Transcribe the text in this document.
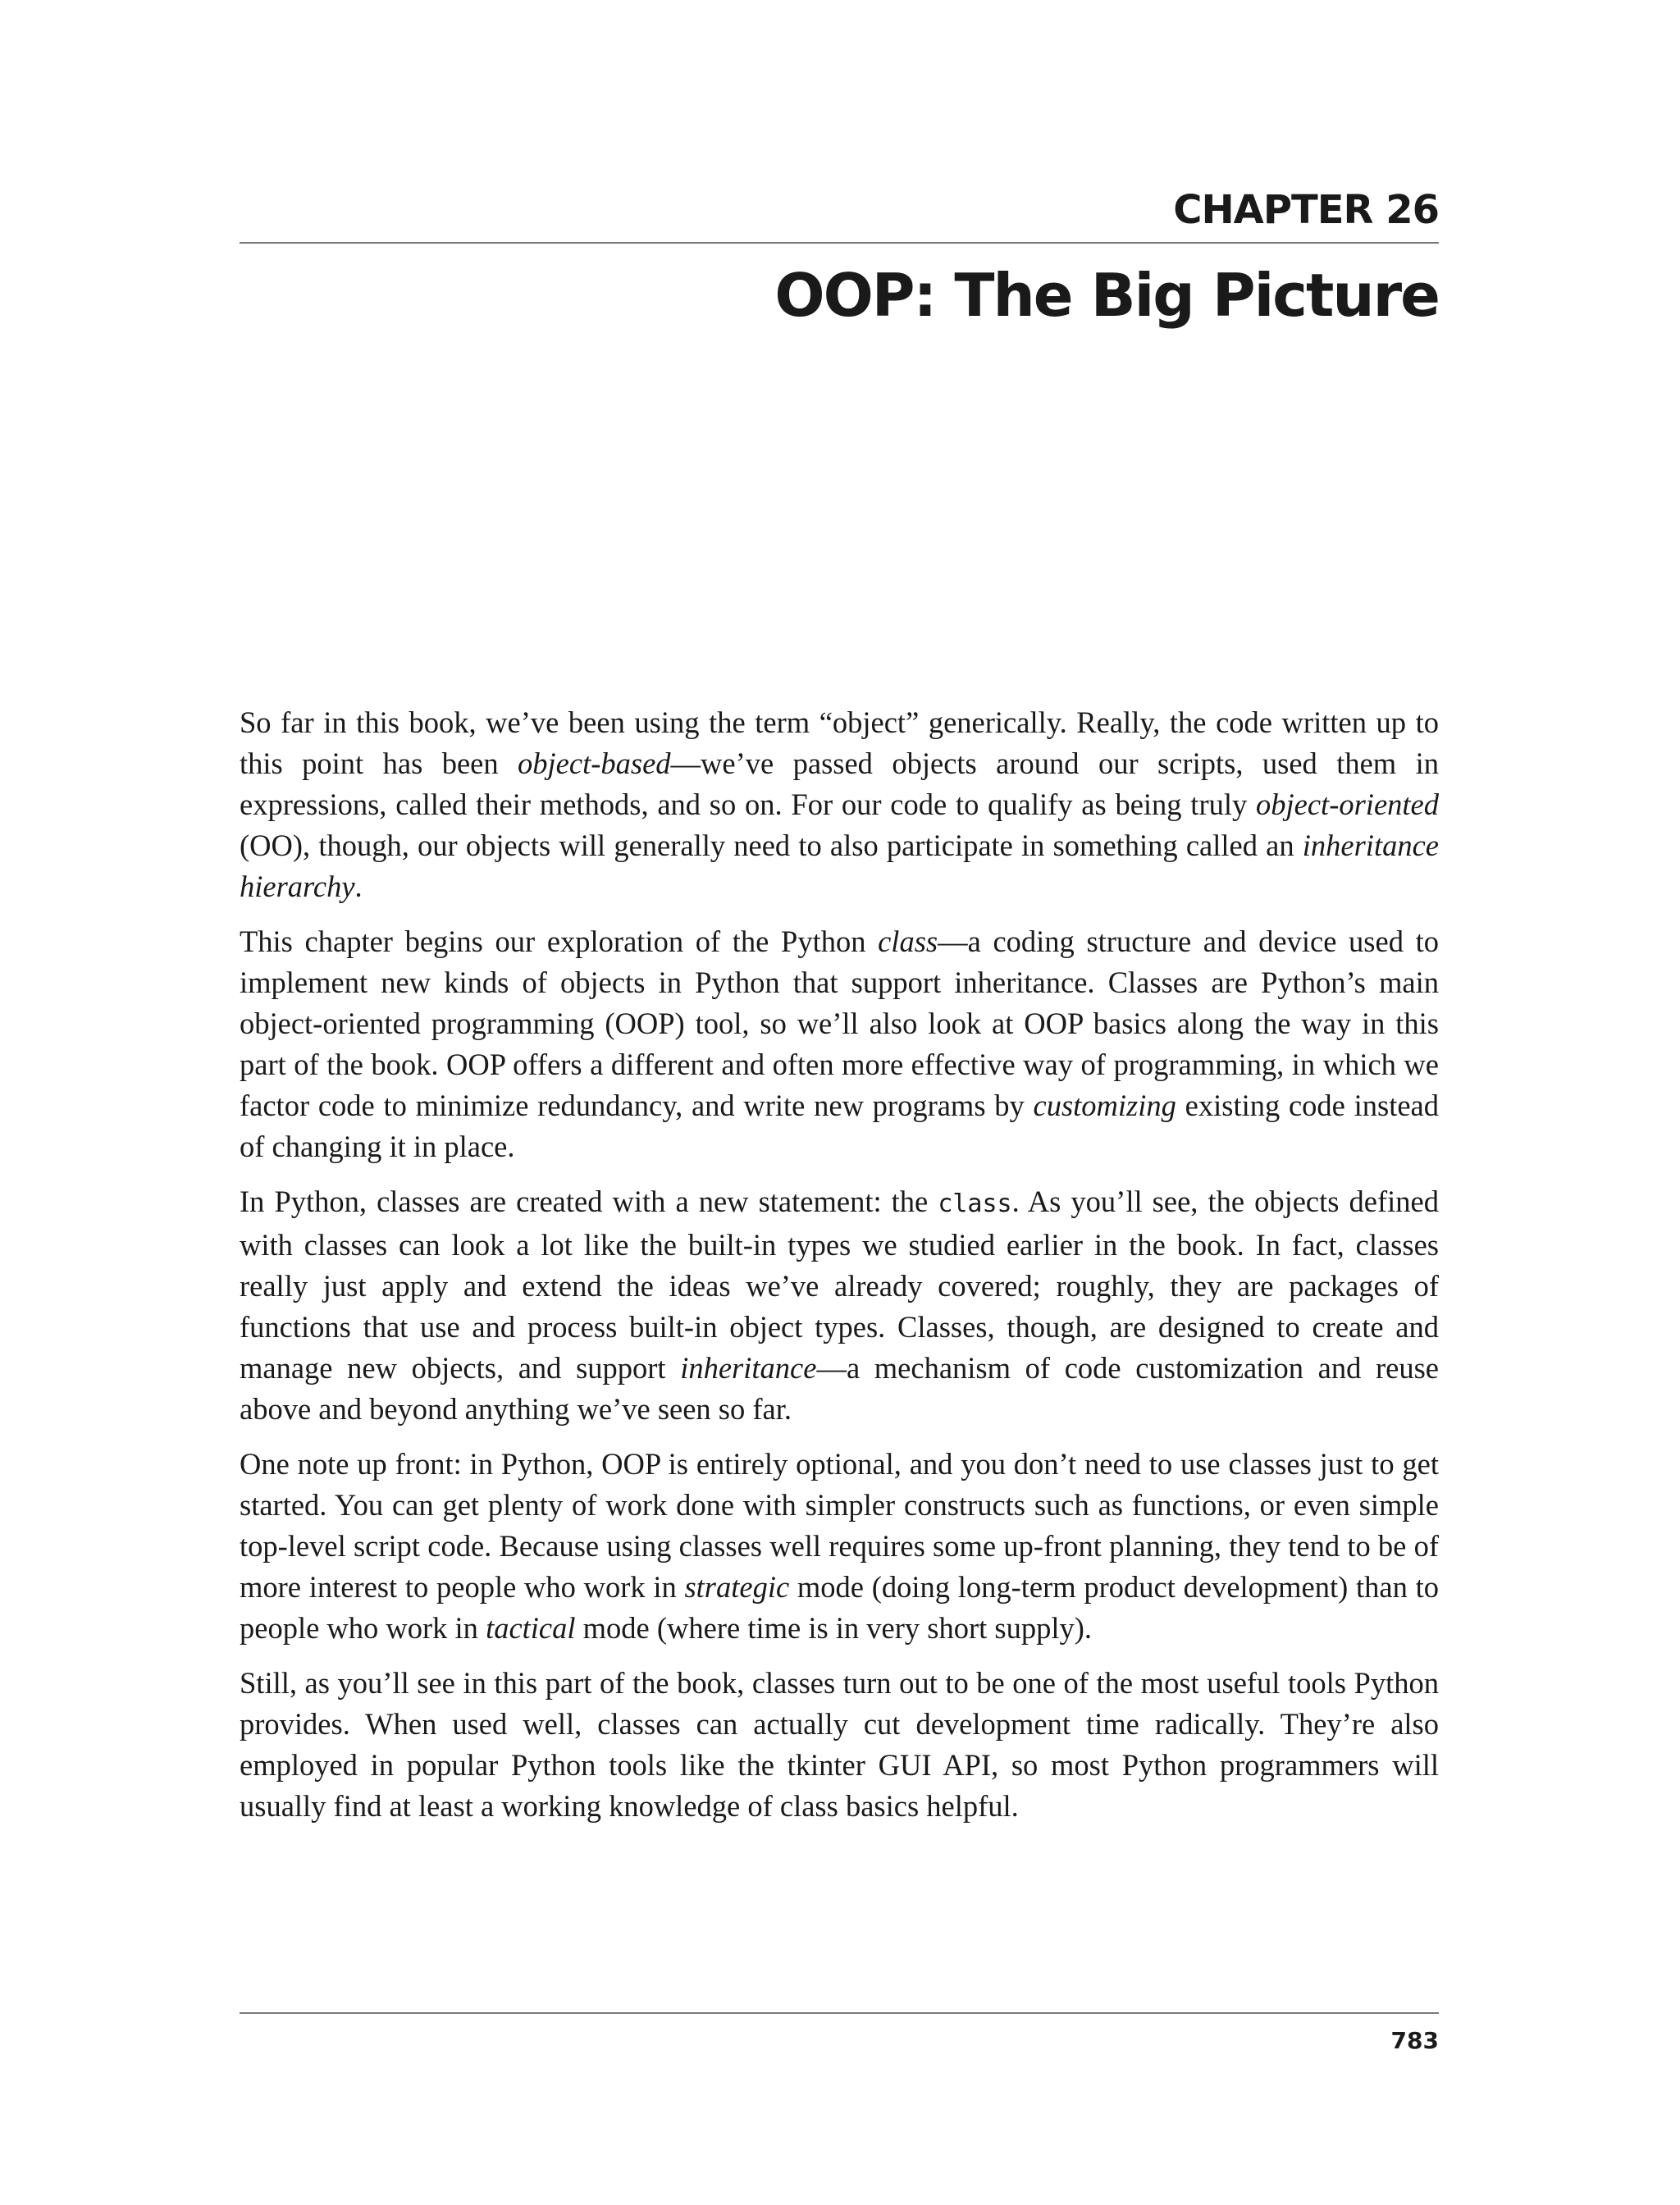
CHAPTER 26
OOP: The Big Picture

So far in this book, we’ve been using the term “object” generically. Really, the code written up to this point has been object-based—we’ve passed objects around our scripts, used them in expressions, called their methods, and so on. For our code to qualify as being truly object-oriented (OO), though, our objects will generally need to also participate in something called an inheritance hierarchy.

This chapter begins our exploration of the Python class—a coding structure and device used to implement new kinds of objects in Python that support inheritance. Classes are Python’s main object-oriented programming (OOP) tool, so we’ll also look at OOP basics along the way in this part of the book. OOP offers a different and often more effective way of programming, in which we factor code to minimize redundancy, and write new programs by customizing existing code instead of changing it in place.

In Python, classes are created with a new statement: the class. As you’ll see, the objects defined with classes can look a lot like the built-in types we studied earlier in the book. In fact, classes really just apply and extend the ideas we’ve already covered; roughly, they are packages of functions that use and process built-in object types. Classes, though, are designed to create and manage new objects, and support inheritance—a mechanism of code customization and reuse above and beyond anything we’ve seen so far.

One note up front: in Python, OOP is entirely optional, and you don’t need to use classes just to get started. You can get plenty of work done with simpler constructs such as functions, or even simple top-level script code. Because using classes well requires some up-front planning, they tend to be of more interest to people who work in strategic mode (doing long-term product development) than to people who work in tactical mode (where time is in very short supply).

Still, as you’ll see in this part of the book, classes turn out to be one of the most useful tools Python provides. When used well, classes can actually cut development time radically. They’re also employed in popular Python tools like the tkinter GUI API, so most Python programmers will usually find at least a working knowledge of class basics helpful.

783
